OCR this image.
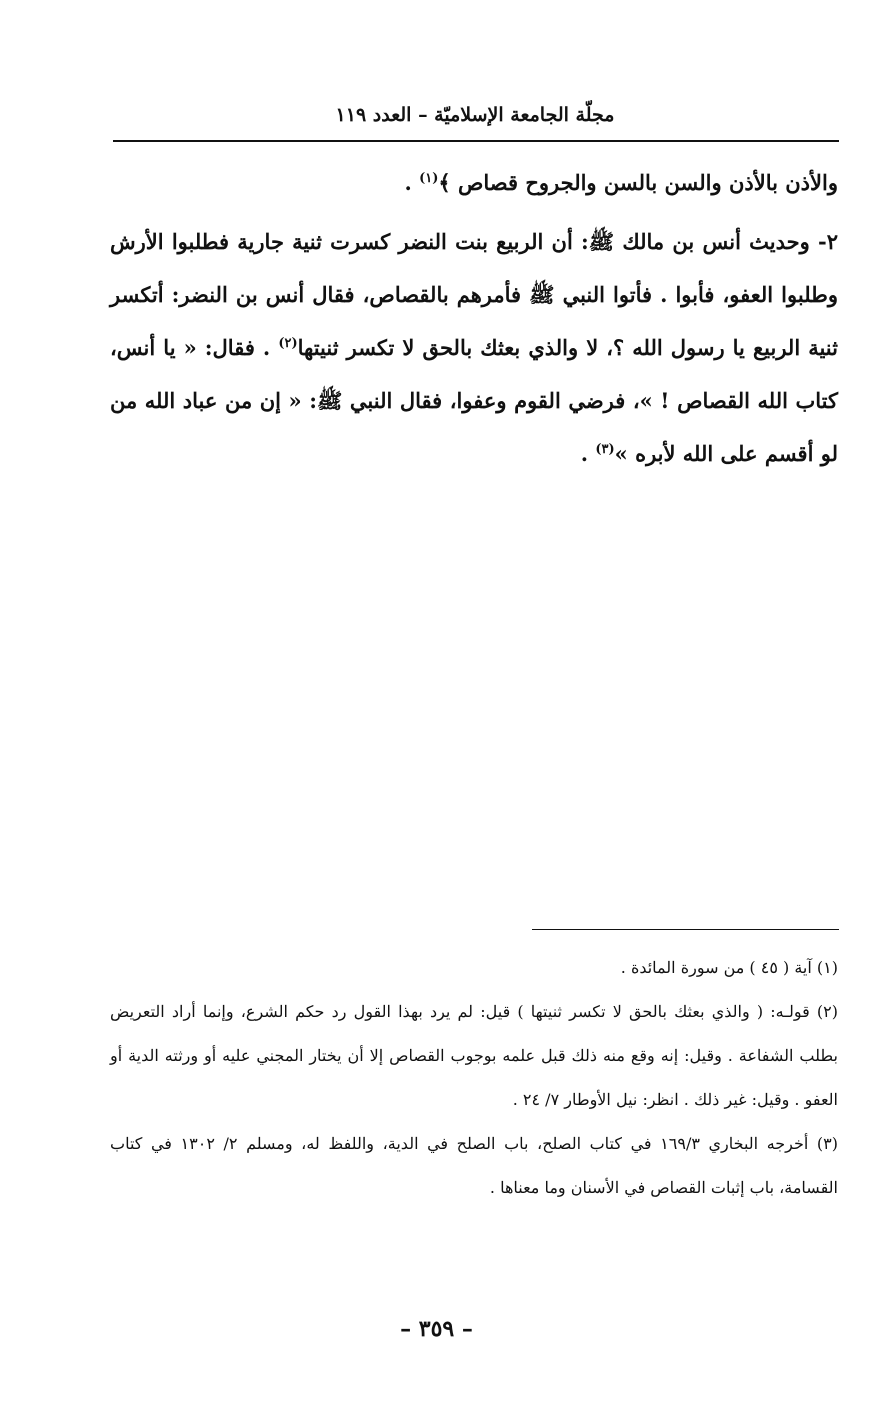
مجلّة الجامعة الإسلاميّة – العدد ١١٩

والأذن بالأذن والسن بالسن والجروح قصاص ﴾$^{(١)}$ .

٢- وحديث أنس بن مالك ﷺ: أن الربيع بنت النضر كسرت ثنية جارية فطلبوا الأرش وطلبوا العفو، فأبوا . فأتوا النبي ﷺ فأمرهم بالقصاص، فقال أنس بن النضر: أتكسر ثنية الربيع يا رسول الله ؟، لا والذي بعثك بالحق لا تكسر ثنيتها$^{(٢)}$ . فقال: « يا أنس، كتاب الله القصاص ! »، فرضي القوم وعفوا، فقال النبي ﷺ: « إن من عباد الله من لو أقسم على الله لأبره »$^{(٣)}$ .

(١) آية ( ٤٥ ) من سورة المائدة .

(٢) قولـه: ( والذي بعثك بالحق لا تكسر ثنيتها ) قيل: لم يرد بهذا القول رد حكم الشرع، وإنما أراد التعريض بطلب الشفاعة . وقيل: إنه وقع منه ذلك قبل علمه بوجوب القصاص إلا أن يختار المجني عليه أو ورثته الدية أو العفو . وقيل: غير ذلك . انظر: نيل الأوطار ٧/ ٢٤ .

(٣) أخرجه البخاري ١٦٩/٣ في كتاب الصلح، باب الصلح في الدية، واللفظ له، ومسلم ٢/ ١٣٠٢ في كتاب القسامة، باب إثبات القصاص في الأسنان وما معناها .

– ٣٥٩ –
